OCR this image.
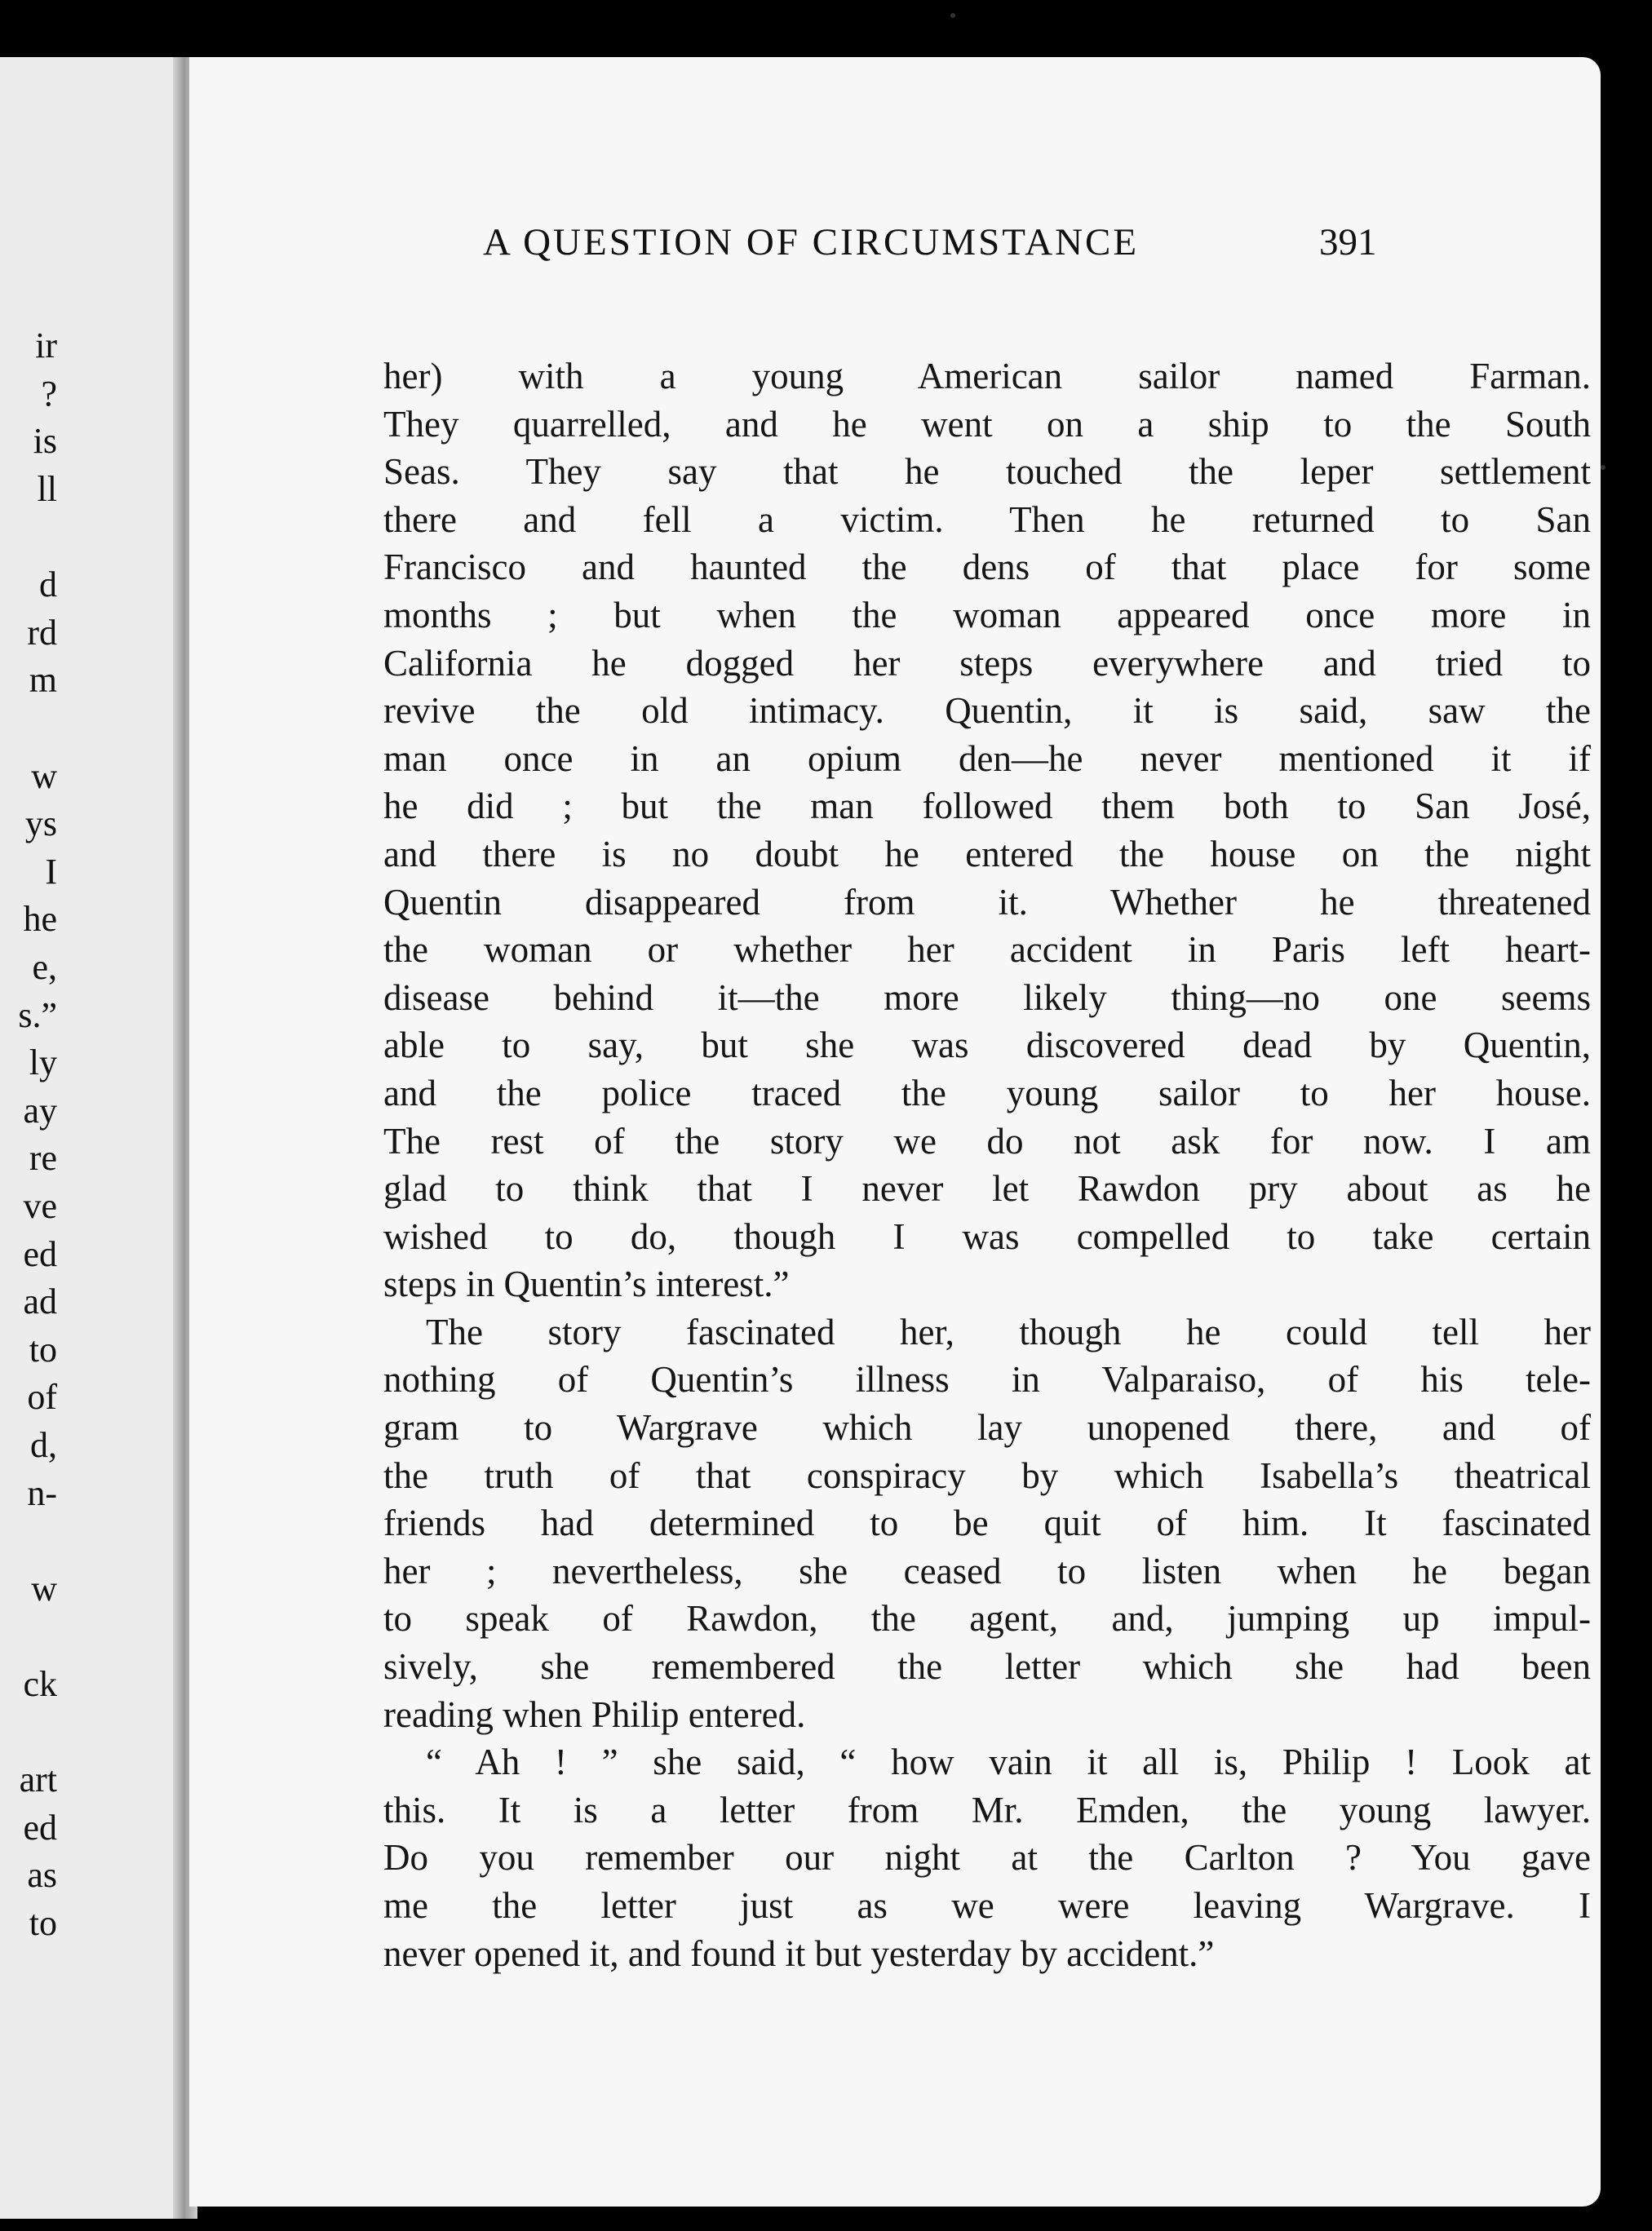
ir
?
is
ll
d
rd
m
w
ys
I
he
e,
s.”
ly
ay
re
ve
ed
ad
to
of
d,
n-
w
ck
art
ed
as
to
A QUESTION OF CIRCUMSTANCE	391
her) with a young American sailor named Farman.
They quarrelled, and he went on a ship to the South
Seas. They say that he touched the leper settlement
there and fell a victim. Then he returned to San
Francisco and haunted the dens of that place for some
months ; but when the woman appeared once more in
California he dogged her steps everywhere and tried to
revive the old intimacy. Quentin, it is said, saw the
man once in an opium den—he never mentioned it if
he did ; but the man followed them both to San José,
and there is no doubt he entered the house on the night
Quentin disappeared from it. Whether he threatened
the woman or whether her accident in Paris left heart-
disease behind it—the more likely thing—no one seems
able to say, but she was discovered dead by Quentin,
and the police traced the young sailor to her house.
The rest of the story we do not ask for now. I am
glad to think that I never let Rawdon pry about as he
wished to do, though I was compelled to take certain
steps in Quentin’s interest.”
The story fascinated her, though he could tell her
nothing of Quentin’s illness in Valparaiso, of his tele-
gram to Wargrave which lay unopened there, and of
the truth of that conspiracy by which Isabella’s theatrical
friends had determined to be quit of him. It fascinated
her ; nevertheless, she ceased to listen when he began
to speak of Rawdon, the agent, and, jumping up impul-
sively, she remembered the letter which she had been
reading when Philip entered.
“ Ah ! ” she said, “ how vain it all is, Philip ! Look at
this. It is a letter from Mr. Emden, the young lawyer.
Do you remember our night at the Carlton ? You gave
me the letter just as we were leaving Wargrave. I
never opened it, and found it but yesterday by accident.”
